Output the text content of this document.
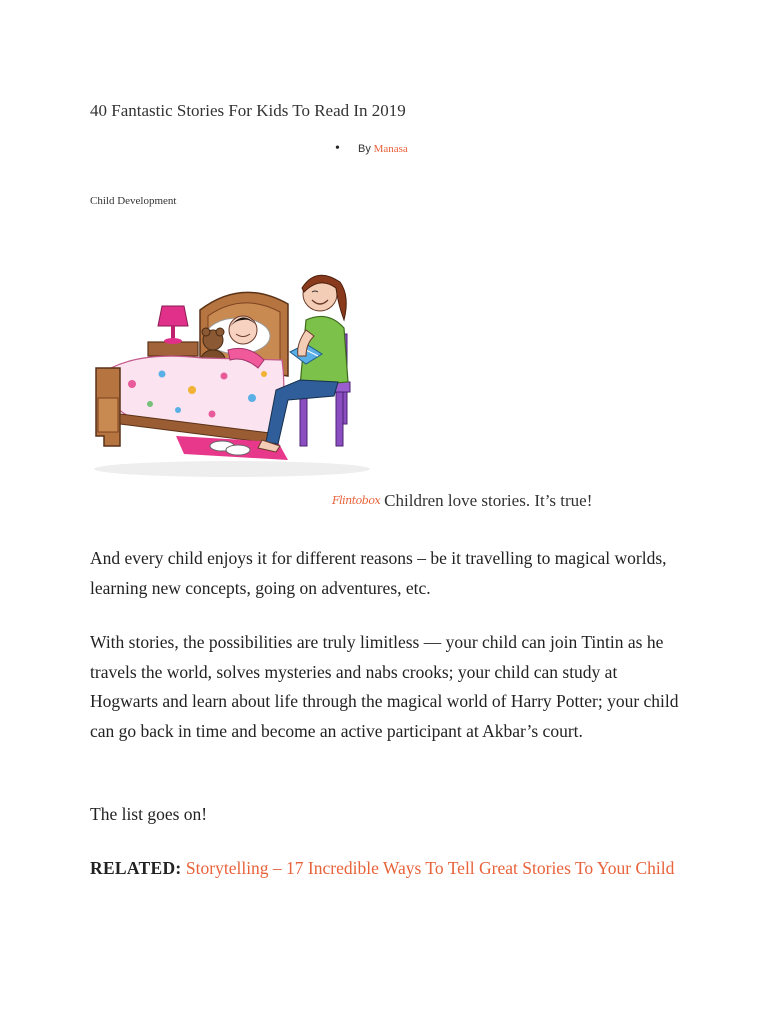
40 Fantastic Stories For Kids To Read In 2019
• By Manasa
Child Development
Flintobox Children love stories. It’s true!
And every child enjoys it for different reasons – be it travelling to magical worlds, learning new concepts, going on adventures, etc.
With stories, the possibilities are truly limitless — your child can join Tintin as he travels the world, solves mysteries and nabs crooks; your child can study at Hogwarts and learn about life through the magical world of Harry Potter; your child can go back in time and become an active participant at Akbar’s court.
The list goes on!
RELATED: Storytelling – 17 Incredible Ways To Tell Great Stories To Your Child
